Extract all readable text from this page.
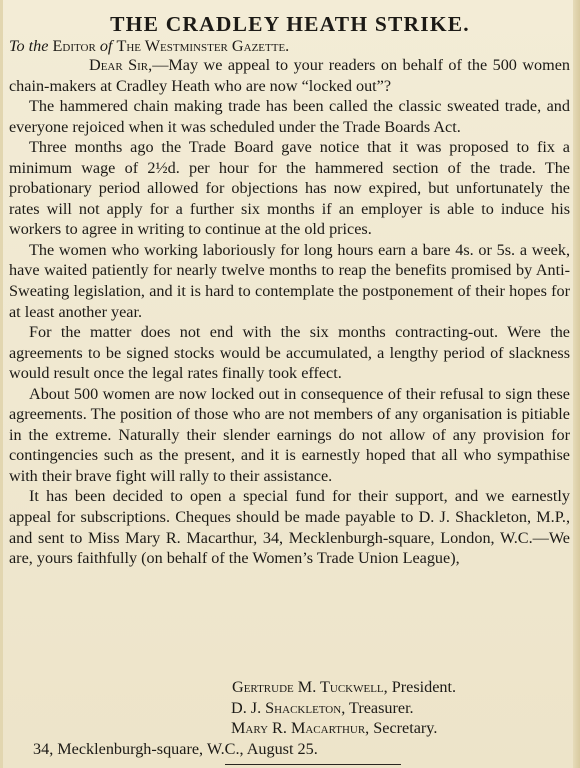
THE CRADLEY HEATH STRIKE.
To the Editor of The Westminster Gazette.

Dear Sir,—May we appeal to your readers on behalf of the 500 women chain-makers at Cradley Heath who are now “locked out”?

The hammered chain making trade has been called the classic sweated trade, and everyone rejoiced when it was scheduled under the Trade Boards Act.

Three months ago the Trade Board gave notice that it was proposed to fix a minimum wage of 2½d. per hour for the hammered section of the trade. The probationary period allowed for objections has now expired, but unfortunately the rates will not apply for a further six months if an employer is able to induce his workers to agree in writing to continue at the old prices.

The women who working laboriously for long hours earn a bare 4s. or 5s. a week, have waited patiently for nearly twelve months to reap the benefits promised by Anti-Sweating legislation, and it is hard to contemplate the postponement of their hopes for at least another year.

For the matter does not end with the six months contracting-out. Were the agreements to be signed stocks would be accumulated, a lengthy period of slackness would result once the legal rates finally took effect.

About 500 women are now locked out in consequence of their refusal to sign these agreements. The position of those who are not members of any organisation is pitiable in the extreme. Naturally their slender earnings do not allow of any provision for contingencies such as the present, and it is earnestly hoped that all who sympathise with their brave fight will rally to their assistance.

It has been decided to open a special fund for their support, and we earnestly appeal for subscriptions. Cheques should be made payable to D. J. Shackleton, M.P., and sent to Miss Mary R. Macarthur, 34, Mecklenburgh-square, London, W.C.—We are, yours faithfully (on behalf of the Women’s Trade Union League),

Gertrude M. Tuckwell, President.
D. J. Shackleton, Treasurer.
Mary R. Macarthur, Secretary.
34, Mecklenburgh-square, W.C., August 25.
